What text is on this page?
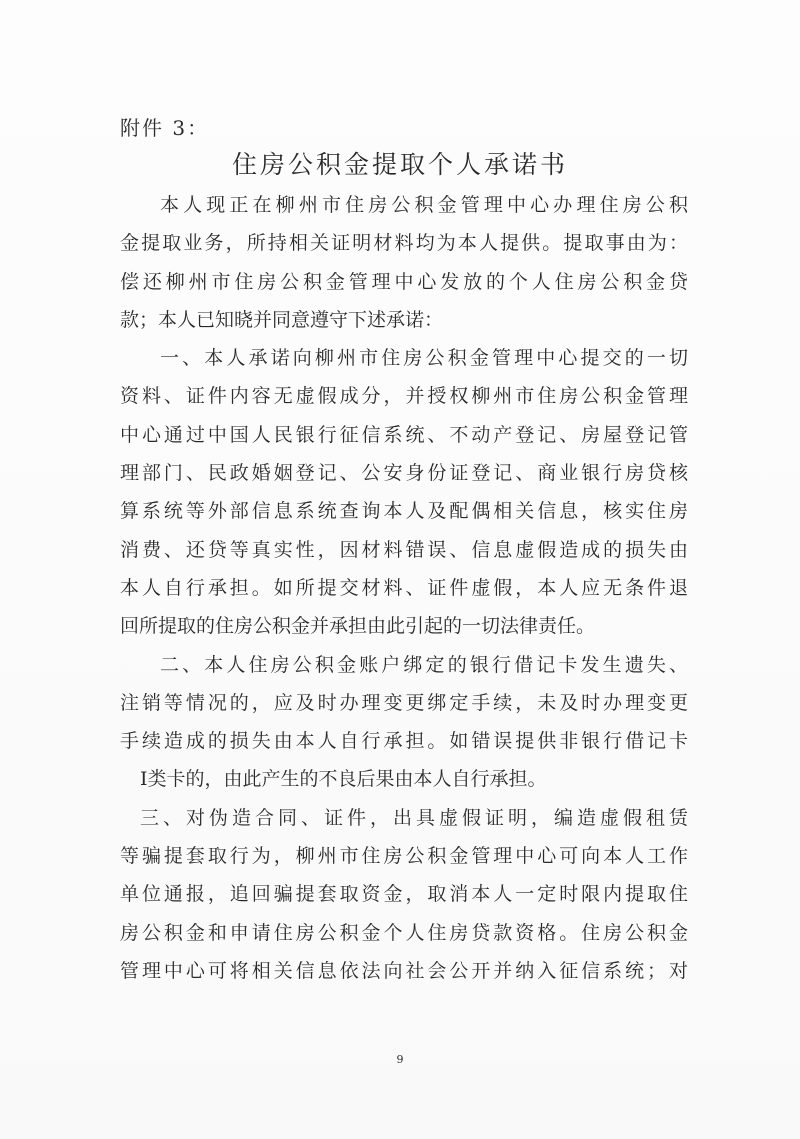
附件 3：
住房公积金提取个人承诺书
本人现正在柳州市住房公积金管理中心办理住房公积
金提取业务，所持相关证明材料均为本人提供。提取事由为：
偿还柳州市住房公积金管理中心发放的个人住房公积金贷
款；本人已知晓并同意遵守下述承诺：
一、本人承诺向柳州市住房公积金管理中心提交的一切
资料、证件内容无虚假成分，并授权柳州市住房公积金管理
中心通过中国人民银行征信系统、不动产登记、房屋登记管
理部门、民政婚姻登记、公安身份证登记、商业银行房贷核
算系统等外部信息系统查询本人及配偶相关信息，核实住房
消费、还贷等真实性，因材料错误、信息虚假造成的损失由
本人自行承担。如所提交材料、证件虚假，本人应无条件退
回所提取的住房公积金并承担由此引起的一切法律责任。
二、本人住房公积金账户绑定的银行借记卡发生遗失、
注销等情况的，应及时办理变更绑定手续，未及时办理变更
手续造成的损失由本人自行承担。如错误提供非银行借记卡
Ⅰ类卡的，由此产生的不良后果由本人自行承担。
三、对伪造合同、证件，出具虚假证明，编造虚假租赁
等骗提套取行为，柳州市住房公积金管理中心可向本人工作
单位通报，追回骗提套取资金，取消本人一定时限内提取住
房公积金和申请住房公积金个人住房贷款资格。住房公积金
管理中心可将相关信息依法向社会公开并纳入征信系统；对
9
